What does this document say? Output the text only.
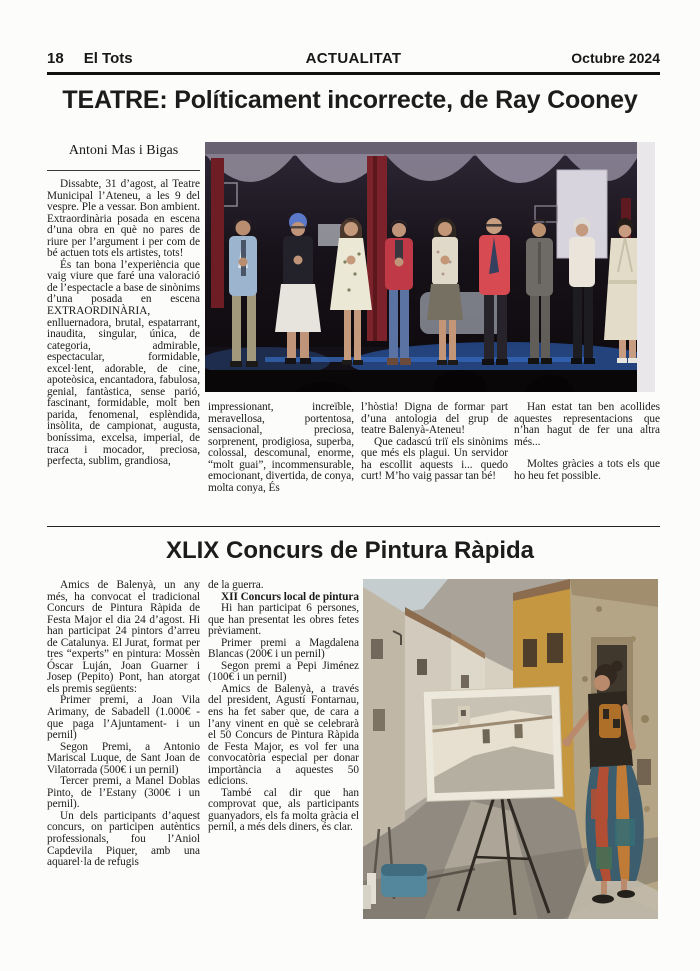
18 El Tots	ACTUALITAT	Octubre 2024
TEATRE: Políticament incorrecte, de Ray Cooney
Antoni Mas i Bigas

Dissabte, 31 d’agost, al Teatre Municipal l’Ateneu, a les 9 del vespre. Ple a vessar. Bon ambient. Extraordinària posada en escena d’una obra en què no pares de riure per l’argument i per com de bé actuen tots els artistes, tots!

És tan bona l’experiència que vaig viure que faré una valoració de l’espectacle a base de sinònims d’una posada en escena EXTRAORDINÀRIA, enlluernadora, brutal, espatarrant, inaudita, singular, única, de categoria, admirable, espectacular, formidable, excel·lent, adorable, de cine, apoteòsica, encantadora, fabulosa, genial, fantàstica, sense parió, fascinant, formidable, molt ben parida, fenomenal, esplèndida, insòlita, de campionat, augusta, boníssima, excelsa, imperial, de traca i mocador, preciosa, perfecta, sublim, grandiosa,

impressionant, increïble, meravellosa, portentosa, sensacional, preciosa, sorprenent, prodigiosa, superba, colossal, descomunal, enorme, “molt guai”, incommensurable, emocionant, divertida, de conya, molta conya, És

l’hòstia! Digna de formar part d’una antologia del grup de teatre Balenyà-Ateneu!

Que cadascú triï els sinònims que més els plagui. Un servidor ha escollit aquests i... quedo curt! M’ho vaig passar tan bé!

Han estat tan ben acollides aquestes representacions que n’han hagut de fer una altra més...

Moltes gràcies a tots els que ho heu fet possible.

XLIX Concurs de Pintura Ràpida

Amics de Balenyà, un any més, ha convocat el tradicional Concurs de Pintura Ràpida de Festa Major el dia 24 d’agost. Hi han participat 24 pintors d’arreu de Catalunya. El Jurat, format per tres “experts” en pintura: Mossèn Óscar Luján, Joan Guarner i Josep (Pepito) Pont, han atorgat els premis següents:

Primer premi, a Joan Vila Arimany, de Sabadell (1.000€ -que paga l’Ajuntament- i un pernil)

Segon Premi, a Antonio Mariscal Luque, de Sant Joan de Vilatorrada (500€ i un pernil)

Tercer premi, a Manel Doblas Pinto, de l’Estany (300€ i un pernil).

Un dels participants d’aquest concurs, on participen autèntics professionals, fou l’Aniol Capdevila Piquer, amb una aquarel·la de refugis

de la guerra.

XII Concurs local de pintura

Hi han participat 6 persones, que han presentat les obres fetes prèviament.

Primer premi a Magdalena Blancas (200€ i un pernil)

Segon premi a Pepi Jiménez (100€ i un pernil)

Amics de Balenyà, a través del president, Agustí Fontarnau, ens ha fet saber que, de cara a l’any vinent en què se celebrarà el 50 Concurs de Pintura Ràpida de Festa Major, es vol fer una convocatòria especial per donar importància a aquestes 50 edicions.

També cal dir que han comprovat que, als participants guanyadors, els fa molta gràcia el pernil, a més dels diners, és clar.
